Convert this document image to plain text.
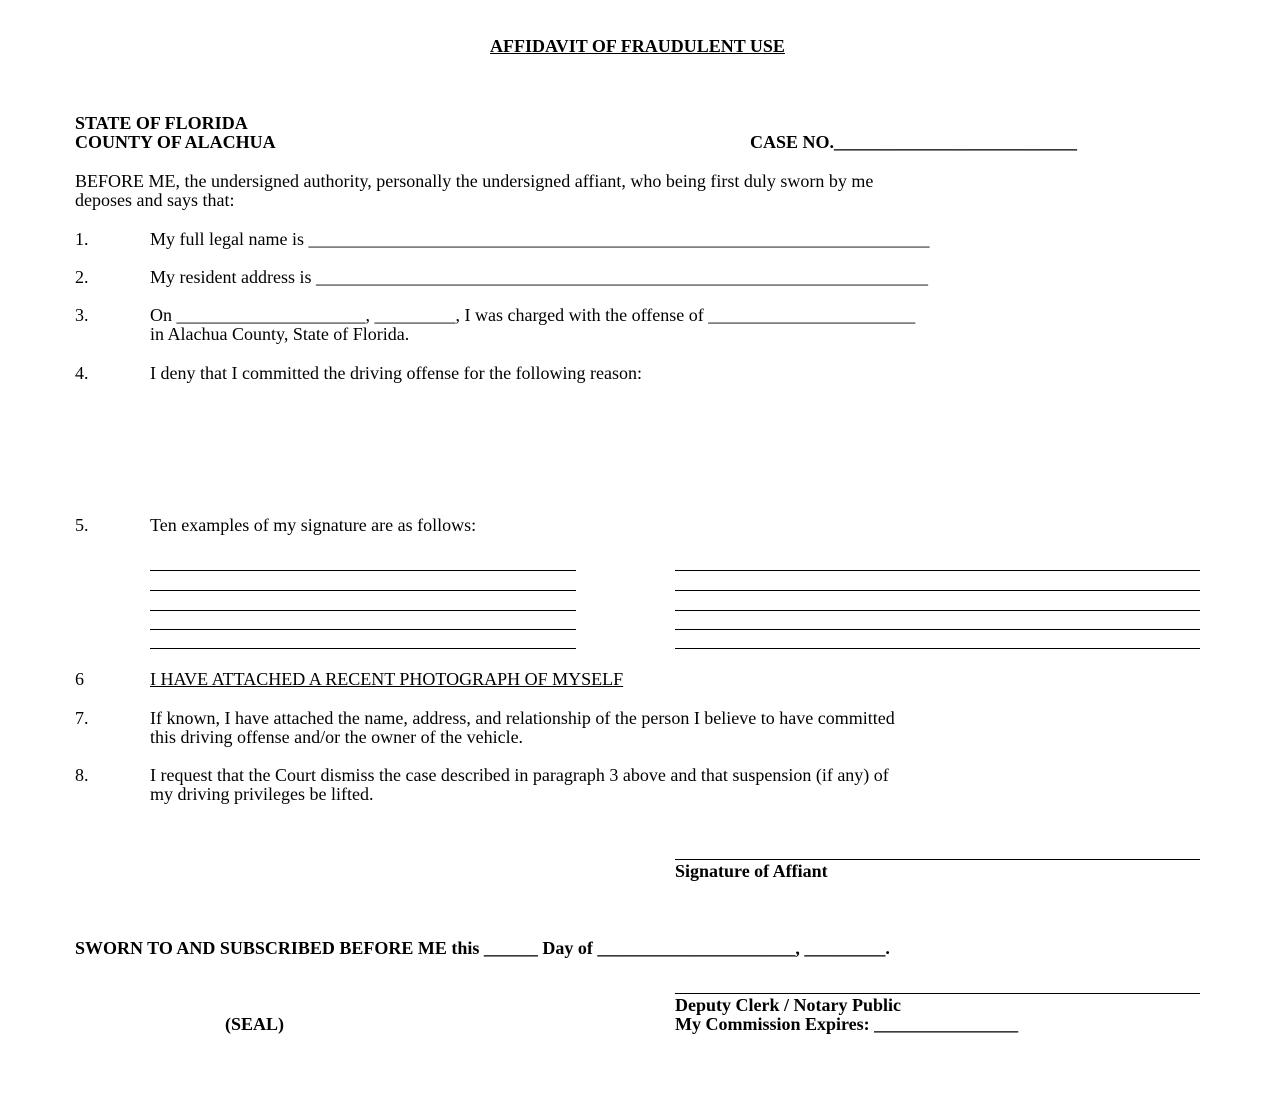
AFFIDAVIT OF FRAUDULENT USE
STATE OF FLORIDA
COUNTY OF ALACHUA	CASE NO.___________________________
BEFORE ME, the undersigned authority, personally the undersigned affiant, who being first duly sworn by me
deposes and says that:
1.	My full legal name is _____________________________________________________________________
2.	My resident address is ____________________________________________________________________
3.	On _____________________, _________, I was charged with the offense of _______________________
in Alachua County, State of Florida.
4.	I deny that I committed the driving offense for the following reason:
5.	Ten examples of my signature are as follows:
6	I HAVE ATTACHED A RECENT PHOTOGRAPH OF MYSELF
7.	If known, I have attached the name, address, and relationship of the person I believe to have committed
this driving offense and/or the owner of the vehicle.
8.	I request that the Court dismiss the case described in paragraph 3 above and that suspension (if any) of
my driving privileges be lifted.
Signature of Affiant
SWORN TO AND SUBSCRIBED BEFORE ME this ______ Day of ______________________, _________.
Deputy Clerk / Notary Public
(SEAL)	My Commission Expires: ________________
